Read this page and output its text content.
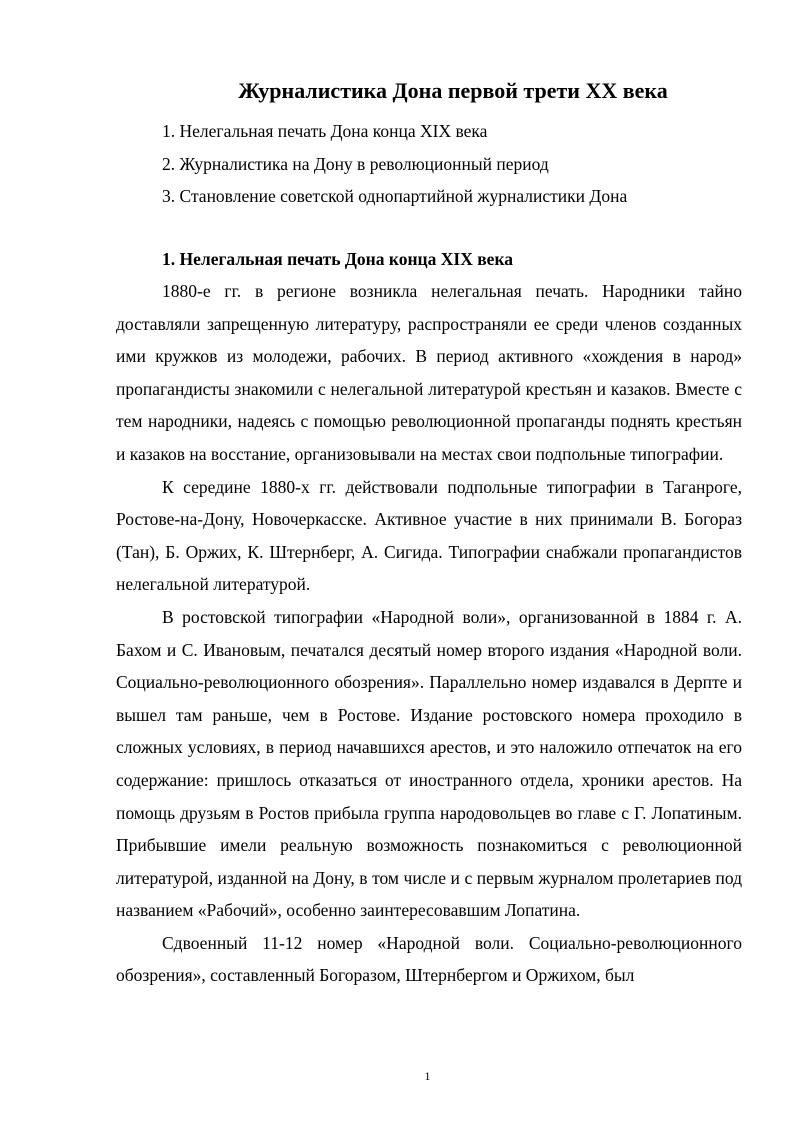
Журналистика Дона первой трети XX века
1. Нелегальная печать Дона конца XIX века
2. Журналистика на Дону в революционный период
3. Становление советской однопартийной журналистики Дона
1. Нелегальная печать Дона конца XIX века

1880-е гг. в регионе возникла нелегальная печать. Народники тайно доставляли запрещенную литературу, распространяли ее среди членов созданных ими кружков из молодежи, рабочих. В период активного «хождения в народ» пропагандисты знакомили с нелегальной литературой крестьян и казаков. Вместе с тем народники, надеясь с помощью революционной пропаганды поднять крестьян и казаков на восстание, организовывали на местах свои подпольные типографии.

К середине 1880-х гг. действовали подпольные типографии в Таганроге, Ростове-на-Дону, Новочеркасске. Активное участие в них принимали В. Богораз (Тан), Б. Оржих, К. Штернберг, А. Сигида. Типографии снабжали пропагандистов нелегальной литературой.

В ростовской типографии «Народной воли», организованной в 1884 г. А. Бахом и С. Ивановым, печатался десятый номер второго издания «Народной воли. Социально-революционного обозрения». Параллельно номер издавался в Дерпте и вышел там раньше, чем в Ростове. Издание ростовского номера проходило в сложных условиях, в период начавшихся арестов, и это наложило отпечаток на его содержание: пришлось отказаться от иностранного отдела, хроники арестов. На помощь друзьям в Ростов прибыла группа народовольцев во главе с Г. Лопатиным. Прибывшие имели реальную возможность познакомиться с революционной литературой, изданной на Дону, в том числе и с первым журналом пролетариев под названием «Рабочий», особенно заинтересовавшим Лопатина.

Сдвоенный 11-12 номер «Народной воли. Социально-революционного обозрения», составленный Богоразом, Штернбергом и Оржихом, был

1
